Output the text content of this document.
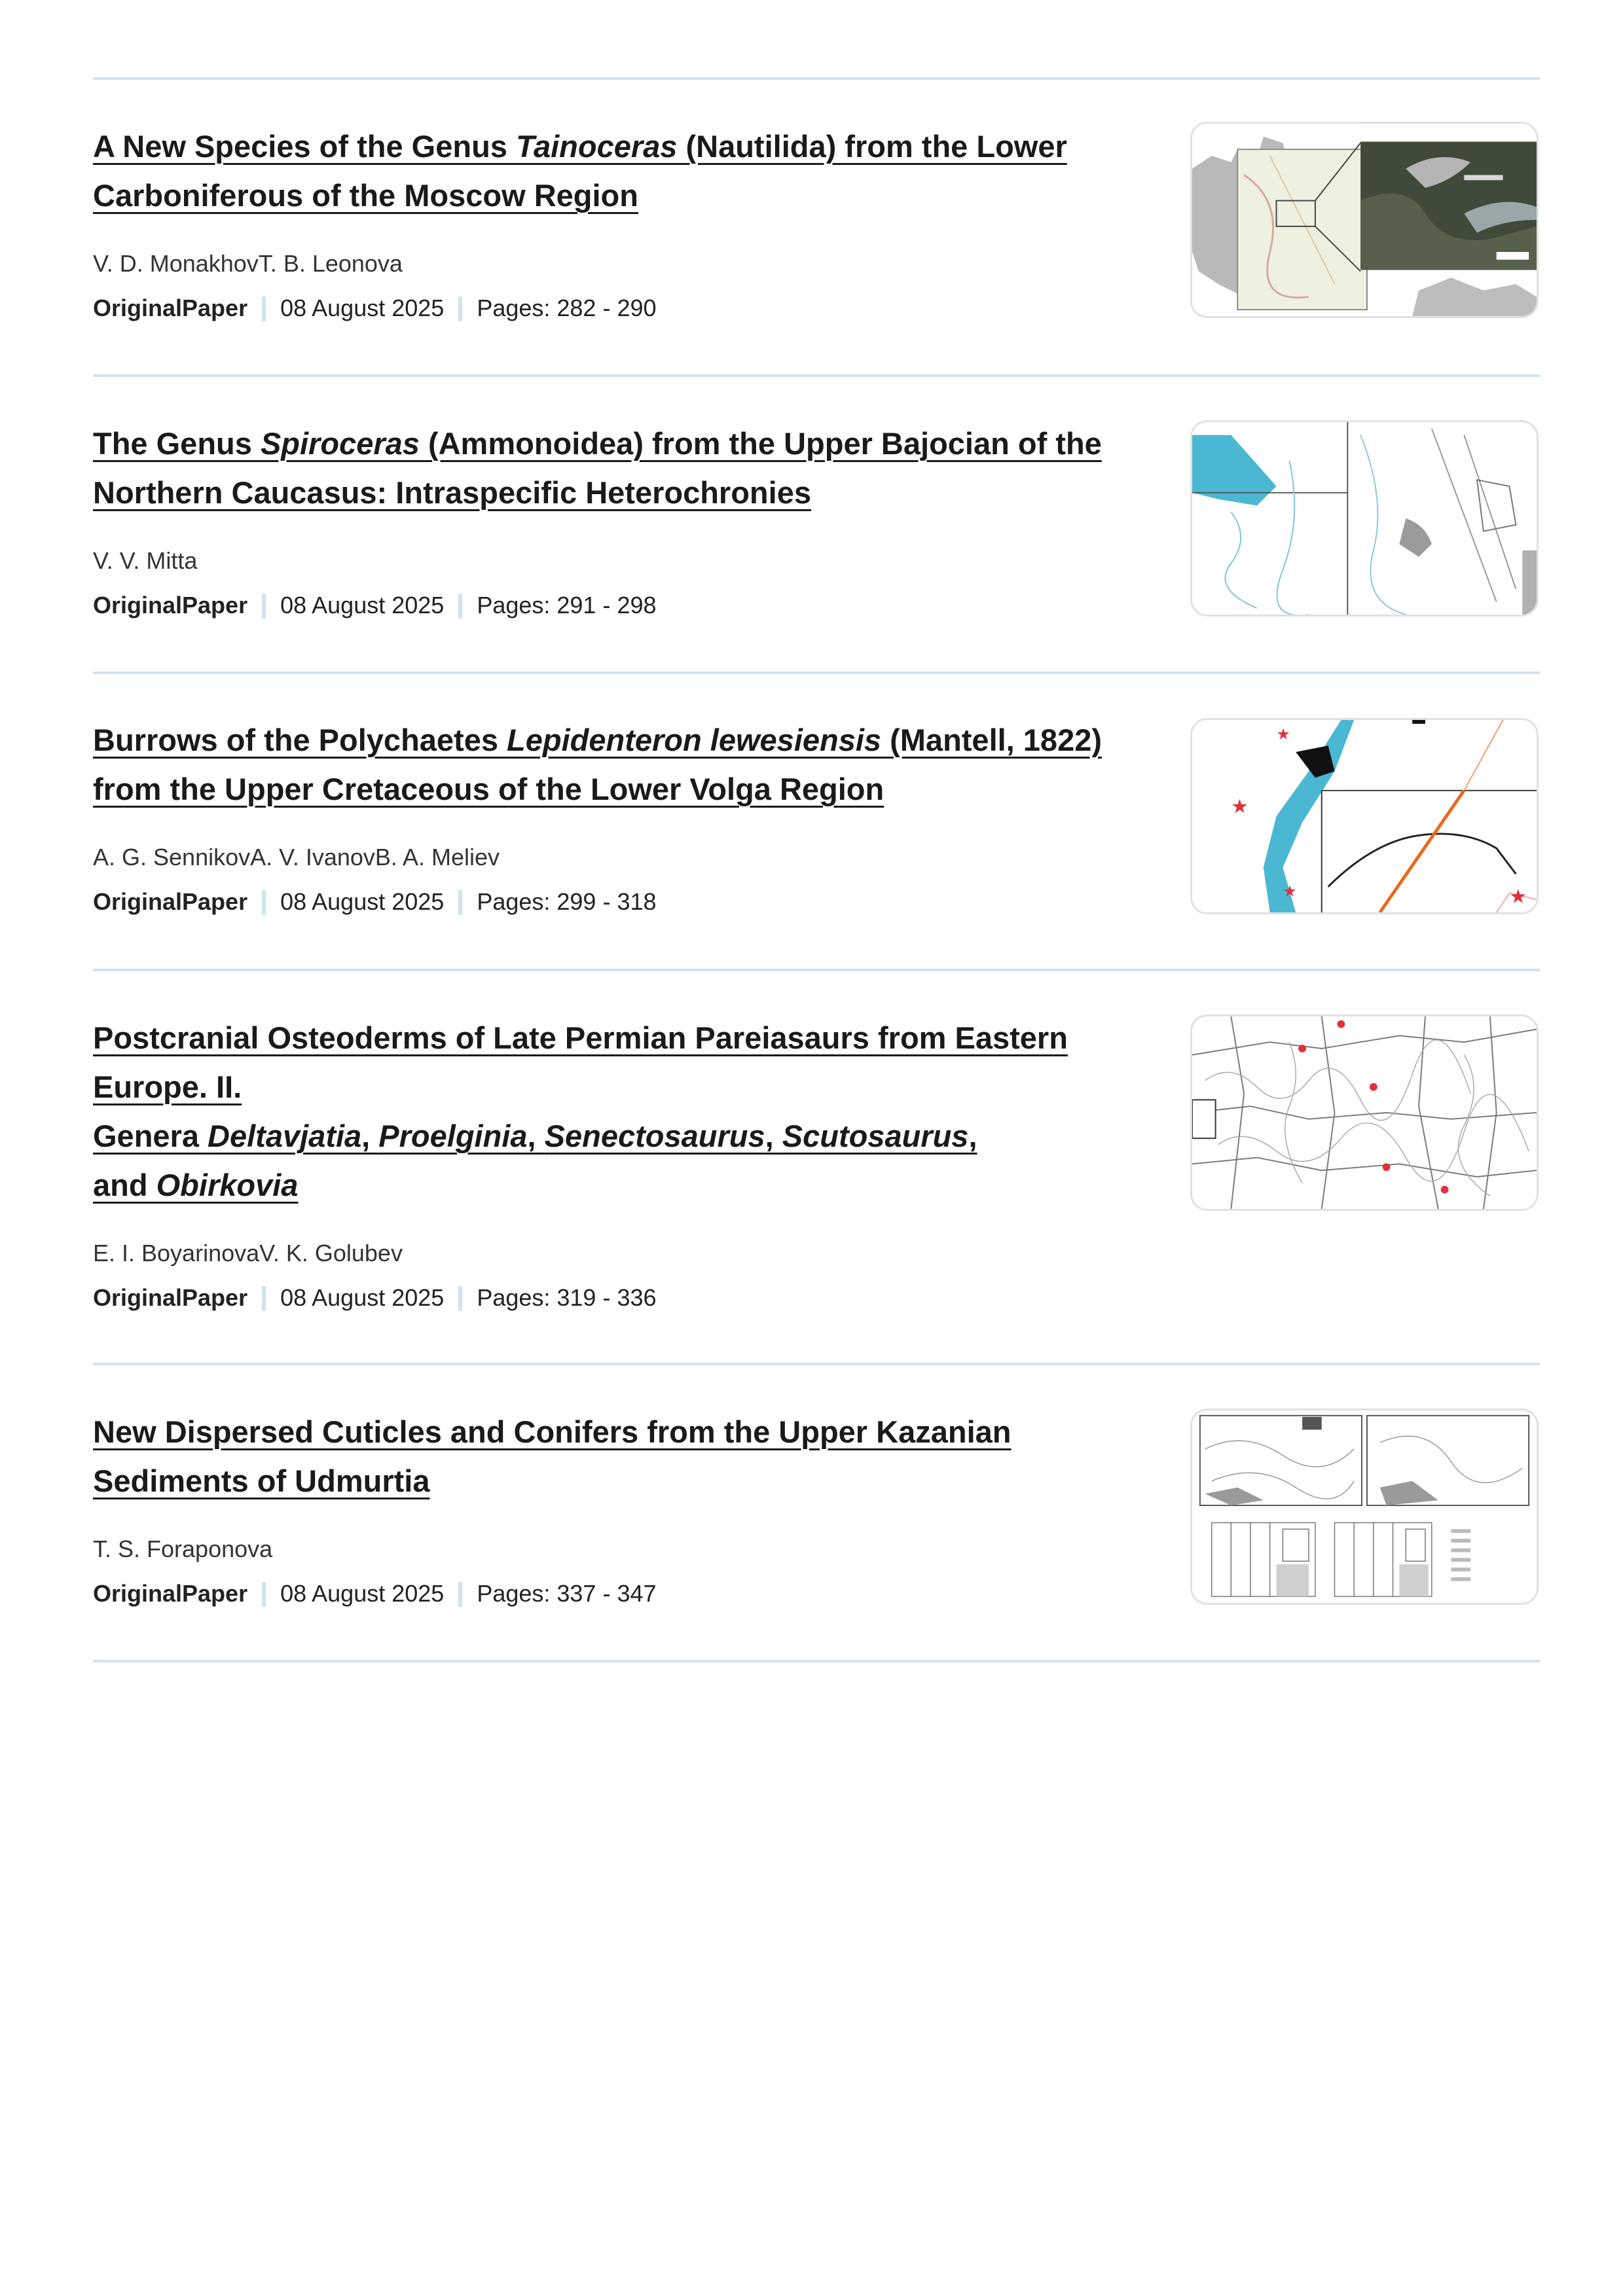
A New Species of the Genus Tainoceras (Nautilida) from the Lower Carboniferous of the Moscow Region

V. D. MonakhovT. B. Leonova

OriginalPaper 08 August 2025 Pages: 282 - 290

The Genus Spiroceras (Ammonoidea) from the Upper Bajocian of the Northern Caucasus: Intraspecific Heterochronies

V. V. Mitta

OriginalPaper 08 August 2025 Pages: 291 - 298

Burrows of the Polychaetes Lepidenteron lewesiensis (Mantell, 1822) from the Upper Cretaceous of the Lower Volga Region

A. G. SennikovA. V. IvanovB. A. Meliev

OriginalPaper 08 August 2025 Pages: 299 - 318

★
★
★	★
Postcranial Osteoderms of Late Permian Pareiasaurs from Eastern Europe. II.
Genera Deltavjatia, Proelginia, Senectosaurus, Scutosaurus,
and Obirkovia

E. I. BoyarinovaV. K. Golubev

OriginalPaper 08 August 2025 Pages: 319 - 336

New Dispersed Cuticles and Conifers from the Upper Kazanian Sediments of Udmurtia

T. S. Foraponova

OriginalPaper 08 August 2025 Pages: 337 - 347
